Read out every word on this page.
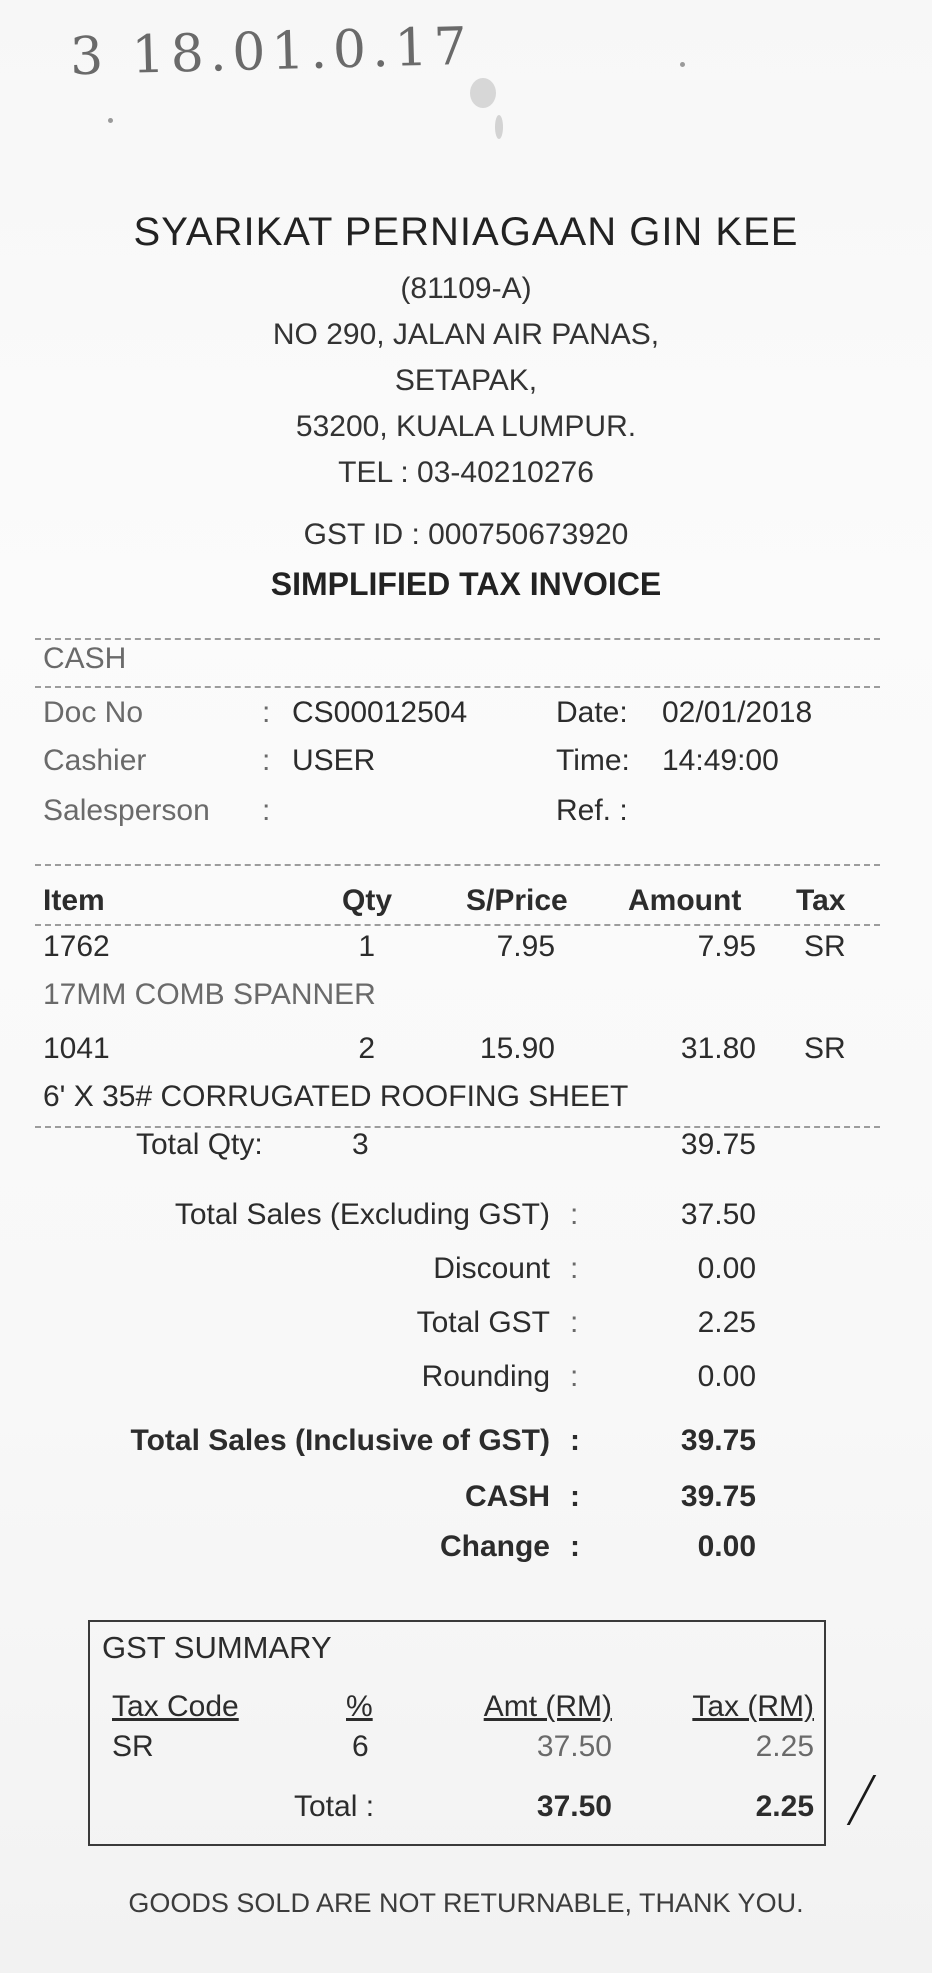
3 18.01.0.17
SYARIKAT PERNIAGAAN GIN KEE
(81109-A)
NO 290, JALAN AIR PANAS,
SETAPAK,
53200, KUALA LUMPUR.
TEL : 03-40210276
GST ID : 000750673920
SIMPLIFIED TAX INVOICE
CASH
Doc No	: CS00012504	Date: 02/01/2018
Cashier	: USER	Time: 14:49:00
Salesperson :	Ref. :
Item	Qty S/Price Amount Tax
1762	1	7.95	7.95 SR
17MM COMB SPANNER
1041	2	15.90	31.80 SR
6' X 35# CORRUGATED ROOFING SHEET
Total Qty:	3	39.75
Total Sales (Excluding GST) :	37.50
Discount :	0.00
Total GST :	2.25
Rounding :	0.00
Total Sales (Inclusive of GST) :	39.75
CASH :	39.75
Change :	0.00
GST SUMMARY
Tax Code	%	Amt (RM)	Tax (RM)
SR	6	37.50	2.25
Total :	37.50	2.25
GOODS SOLD ARE NOT RETURNABLE, THANK YOU.
